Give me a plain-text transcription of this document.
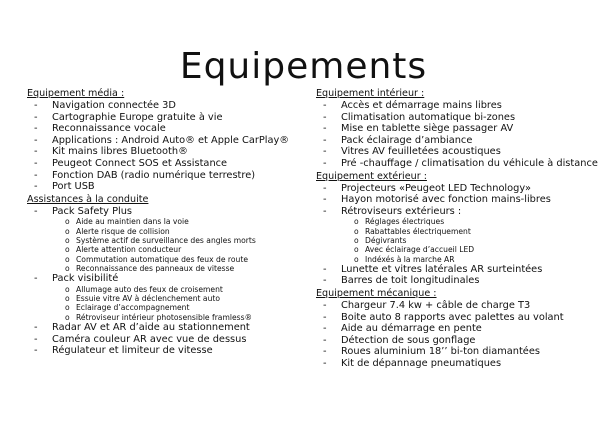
Equipements
Equipement média :
- Navigation connectée 3D
- Cartographie Europe gratuite à vie
- Reconnaissance vocale
- Applications : Android Auto® et Apple CarPlay®
- Kit mains libres Bluetooth®
- Peugeot Connect SOS et Assistance
- Fonction DAB (radio numérique terrestre)
- Port USB
Assistances à la conduite
- Pack Safety Plus
o Aide au maintien dans la voie
o Alerte risque de collision
o Système actif de surveillance des angles morts
o Alerte attention conducteur
o Commutation automatique des feux de route
o Reconnaissance des panneaux de vitesse
- Pack visibilité
o Allumage auto des feux de croisement
o Essuie vitre AV à déclenchement auto
o Eclairage d’accompagnement
o Rétroviseur intérieur photosensible framless®
- Radar AV et AR d’aide au stationnement
- Caméra couleur AR avec vue de dessus
- Régulateur et limiteur de vitesse
Equipement intérieur :
- Accès et démarrage mains libres
- Climatisation automatique bi-zones
- Mise en tablette siège passager AV
- Pack éclairage d’ambiance
- Vitres AV feuilletées acoustiques
- Pré -chauffage / climatisation du véhicule à distance
Equipement extérieur :
- Projecteurs «Peugeot LED Technology»
- Hayon motorisé avec fonction mains-libres
- Rétroviseurs extérieurs :
o Réglages électriques
o Rabattables électriquement
o Dégivrants
o Avec éclairage d’accueil LED
o Indéxés à la marche AR
- Lunette et vitres latérales AR surteintées
- Barres de toit longitudinales
Equipement mécanique :
- Chargeur 7.4 kw + câble de charge T3
- Boite auto 8 rapports avec palettes au volant
- Aide au démarrage en pente
- Détection de sous gonflage
- Roues aluminium 18’’ bi-ton diamantées
- Kit de dépannage pneumatiques
